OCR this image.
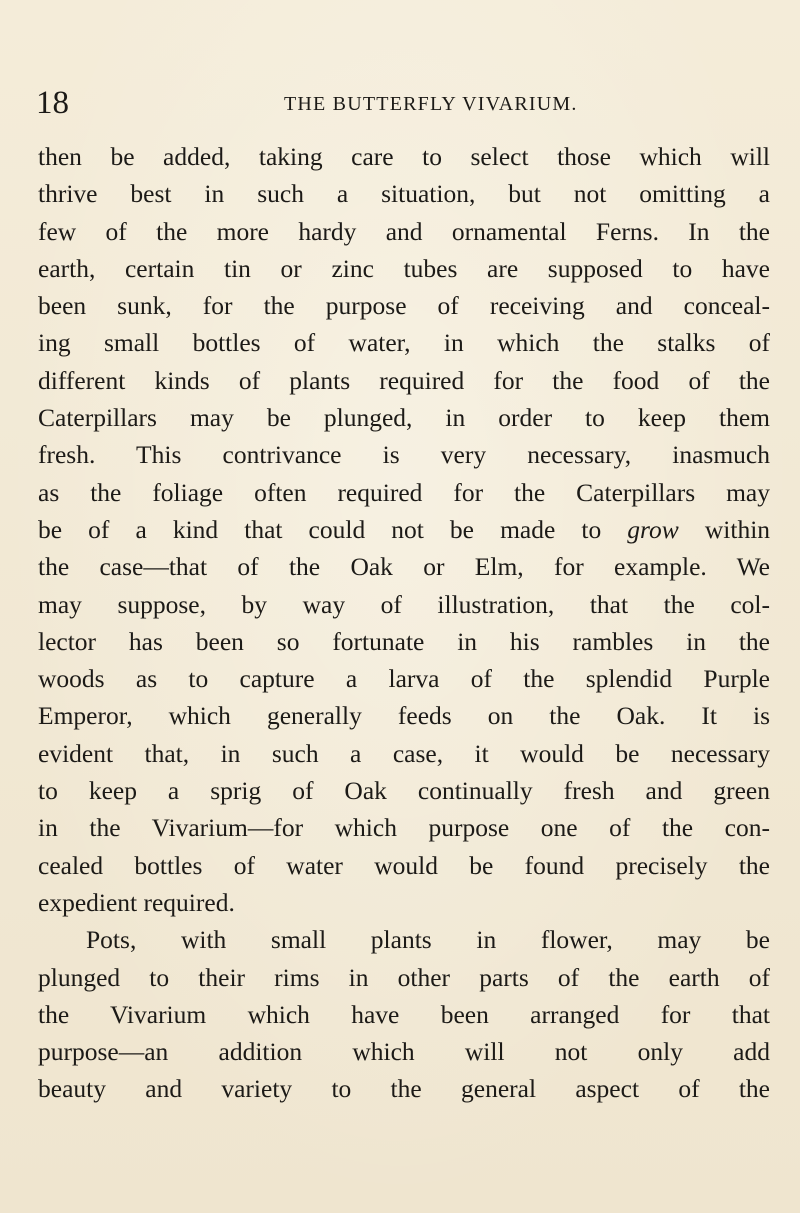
18	THE BUTTERFLY VIVARIUM.
then be added, taking care to select those which will
thrive best in such a situation, but not omitting a
few of the more hardy and ornamental Ferns. In the
earth, certain tin or zinc tubes are supposed to have
been sunk, for the purpose of receiving and conceal-
ing small bottles of water, in which the stalks of
different kinds of plants required for the food of the
Caterpillars may be plunged, in order to keep them
fresh. This contrivance is very necessary, inasmuch
as the foliage often required for the Caterpillars may
be of a kind that could not be made to grow within
the case—that of the Oak or Elm, for example. We
may suppose, by way of illustration, that the col-
lector has been so fortunate in his rambles in the
woods as to capture a larva of the splendid Purple
Emperor, which generally feeds on the Oak. It is
evident that, in such a case, it would be necessary
to keep a sprig of Oak continually fresh and green
in the Vivarium—for which purpose one of the con-
cealed bottles of water would be found precisely the
expedient required.
Pots, with small plants in flower, may be
plunged to their rims in other parts of the earth of
the Vivarium which have been arranged for that
purpose—an addition which will not only add
beauty and variety to the general aspect of the
